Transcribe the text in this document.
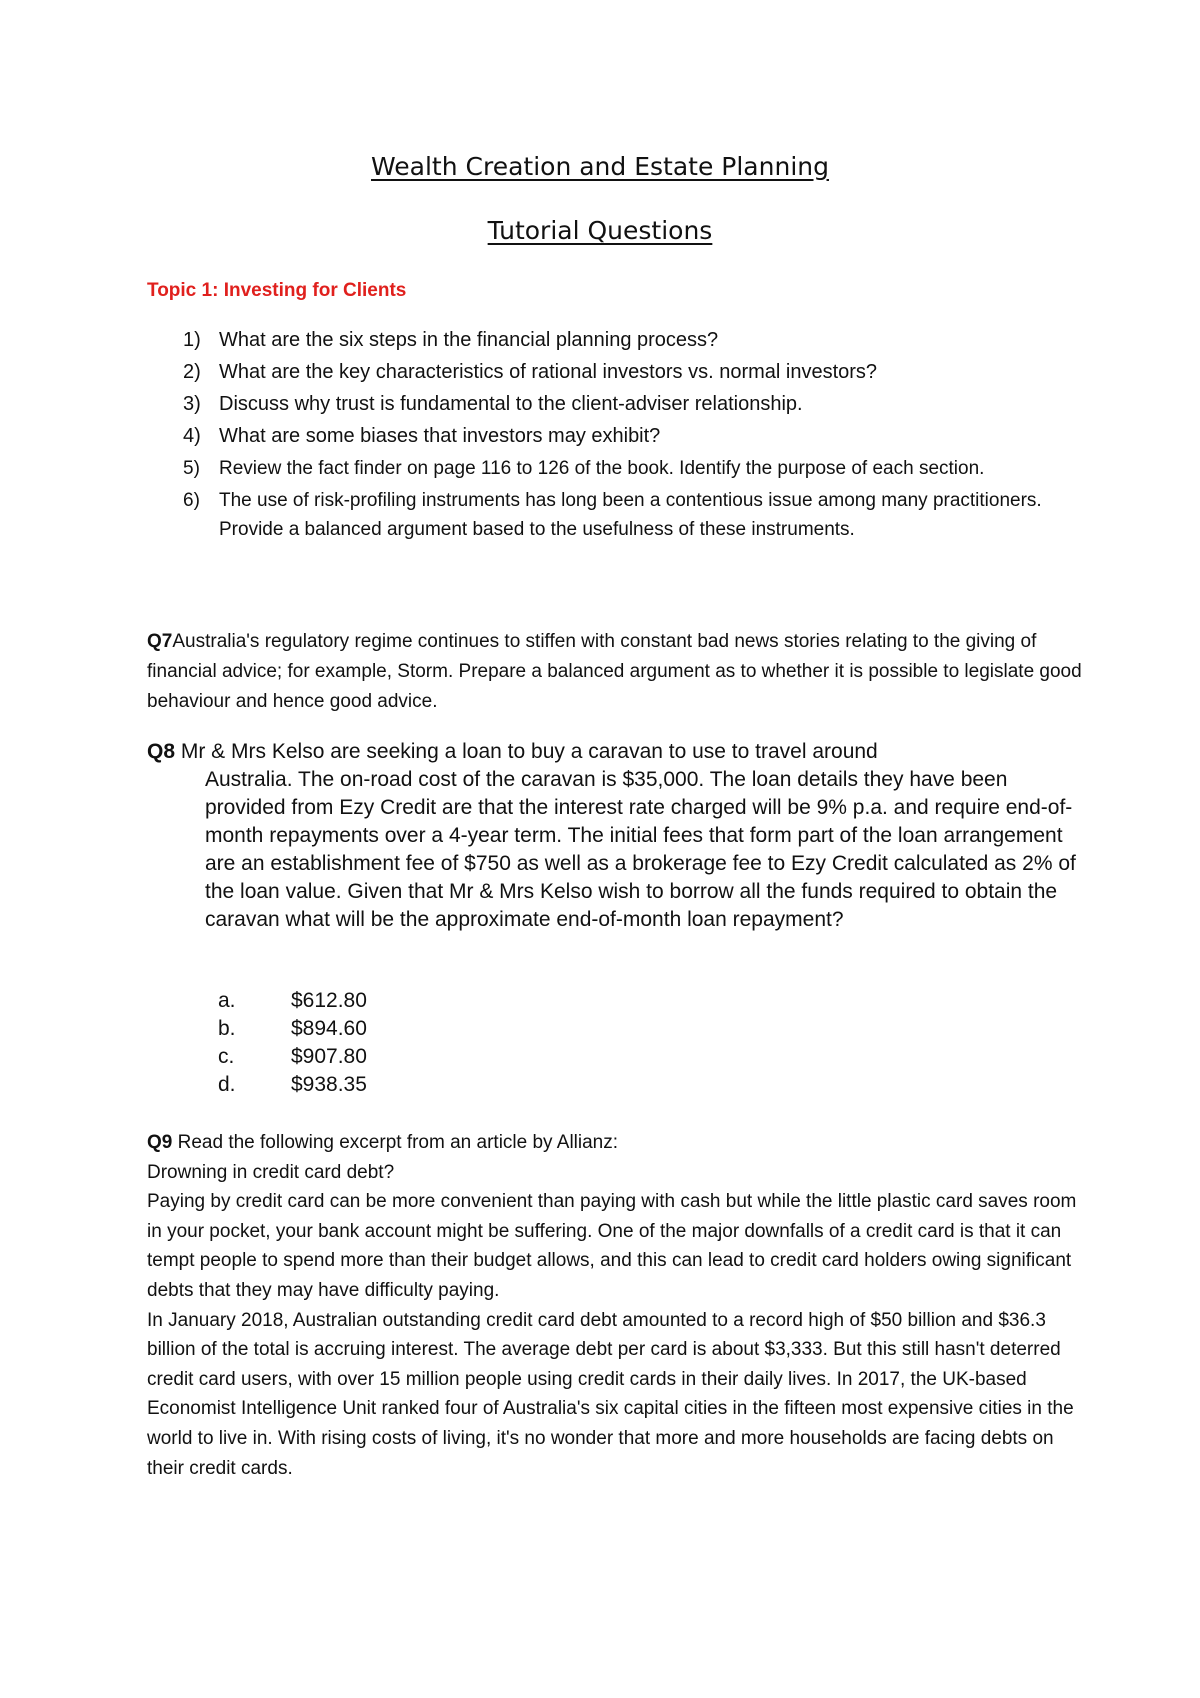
Wealth Creation and Estate Planning
Tutorial Questions
Topic 1: Investing for Clients
1) What are the six steps in the financial planning process?
2) What are the key characteristics of rational investors vs. normal investors?
3) Discuss why trust is fundamental to the client-adviser relationship.
4) What are some biases that investors may exhibit?
5) Review the fact finder on page 116 to 126 of the book. Identify the purpose of each section.
6) The use of risk-profiling instruments has long been a contentious issue among many practitioners. Provide a balanced argument based to the usefulness of these instruments.

Q7Australia's regulatory regime continues to stiffen with constant bad news stories relating to the giving of financial advice; for example, Storm. Prepare a balanced argument as to whether it is possible to legislate good behaviour and hence good advice.

Q8 Mr & Mrs Kelso are seeking a loan to buy a caravan to use to travel around
Australia. The on-road cost of the caravan is $35,000. The loan details they have been provided from Ezy Credit are that the interest rate charged will be 9% p.a. and require end-of-month repayments over a 4-year term. The initial fees that form part of the loan arrangement are an establishment fee of $750 as well as a brokerage fee to Ezy Credit calculated as 2% of the loan value. Given that Mr & Mrs Kelso wish to borrow all the funds required to obtain the caravan what will be the approximate end-of-month loan repayment?
a.	$612.80
b.	$894.60
c.	$907.80
d.	$938.35

Q9 Read the following excerpt from an article by Allianz:

Drowning in credit card debt?

Paying by credit card can be more convenient than paying with cash but while the little plastic card saves room in your pocket, your bank account might be suffering. One of the major downfalls of a credit card is that it can tempt people to spend more than their budget allows, and this can lead to credit card holders owing significant debts that they may have difficulty paying.

In January 2018, Australian outstanding credit card debt amounted to a record high of $50 billion and $36.3 billion of the total is accruing interest. The average debt per card is about $3,333. But this still hasn't deterred credit card users, with over 15 million people using credit cards in their daily lives. In 2017, the UK-based Economist Intelligence Unit ranked four of Australia's six capital cities in the fifteen most expensive cities in the world to live in. With rising costs of living, it's no wonder that more and more households are facing debts on their credit cards.
